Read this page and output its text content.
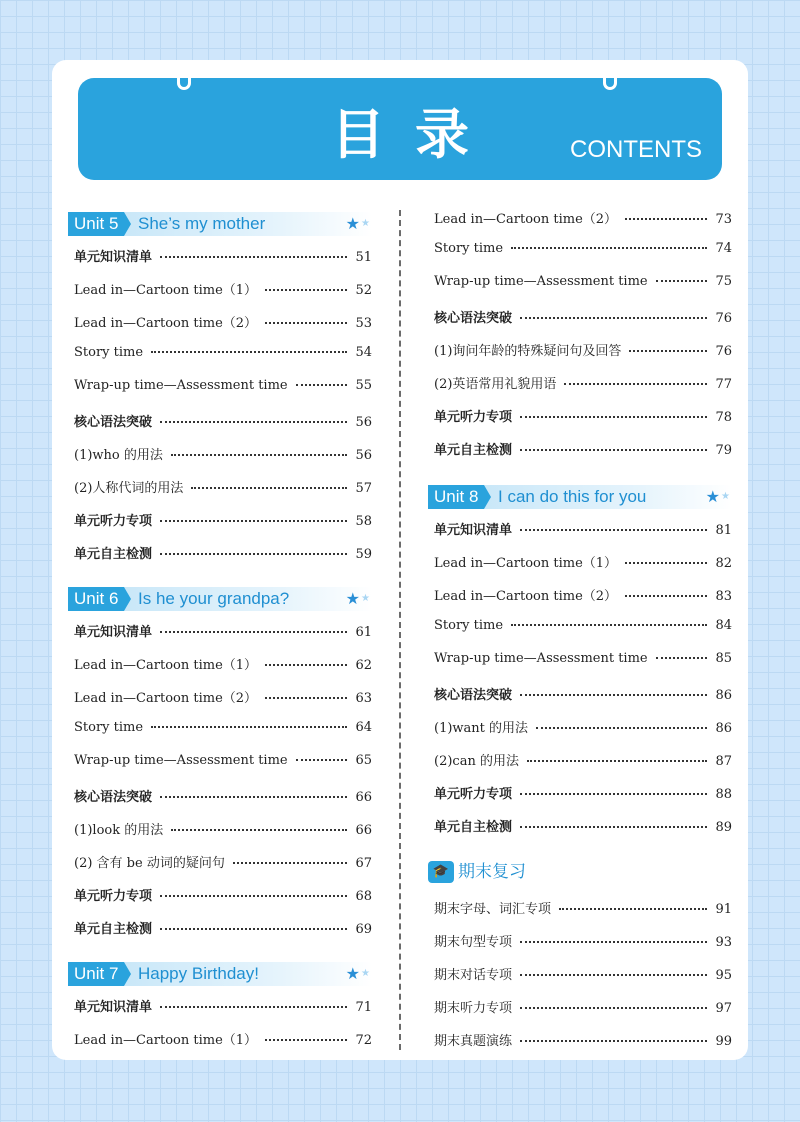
目录	CONTENTS
Unit 5	She’s my mother	★ ★
单元知识清单	51
Lead in—Cartoon time（1）	52
Lead in—Cartoon time（2）	53
Story time	54
Wrap-up time—Assessment time	55
核心语法突破	56
(1)who 的用法	56
(2)人称代词的用法	57
单元听力专项	58
单元自主检测	59
Unit 6	Is he your grandpa?	★ ★
单元知识清单	61
Lead in—Cartoon time（1）	62
Lead in—Cartoon time（2）	63
Story time	64
Wrap-up time—Assessment time	65
核心语法突破	66
(1)look 的用法	66
(2) 含有 be 动词的疑问句	67
单元听力专项	68
单元自主检测	69
Unit 7	Happy Birthday!	★ ★
单元知识清单	71
Lead in—Cartoon time（1）	72
Lead in—Cartoon time（2）	73
Story time	74
Wrap-up time—Assessment time	75
核心语法突破	76
(1)询问年龄的特殊疑问句及回答	76
(2)英语常用礼貌用语	77
单元听力专项	78
单元自主检测	79
Unit 8	I can do this for you	★ ★
单元知识清单	81
Lead in—Cartoon time（1）	82
Lead in—Cartoon time（2）	83
Story time	84
Wrap-up time—Assessment time	85
核心语法突破	86
(1)want 的用法	86
(2)can 的用法	87
单元听力专项	88
单元自主检测	89
🎓 期末复习
期末字母、词汇专项	91
期末句型专项	93
期末对话专项	95
期末听力专项	97
期末真题演练	99
